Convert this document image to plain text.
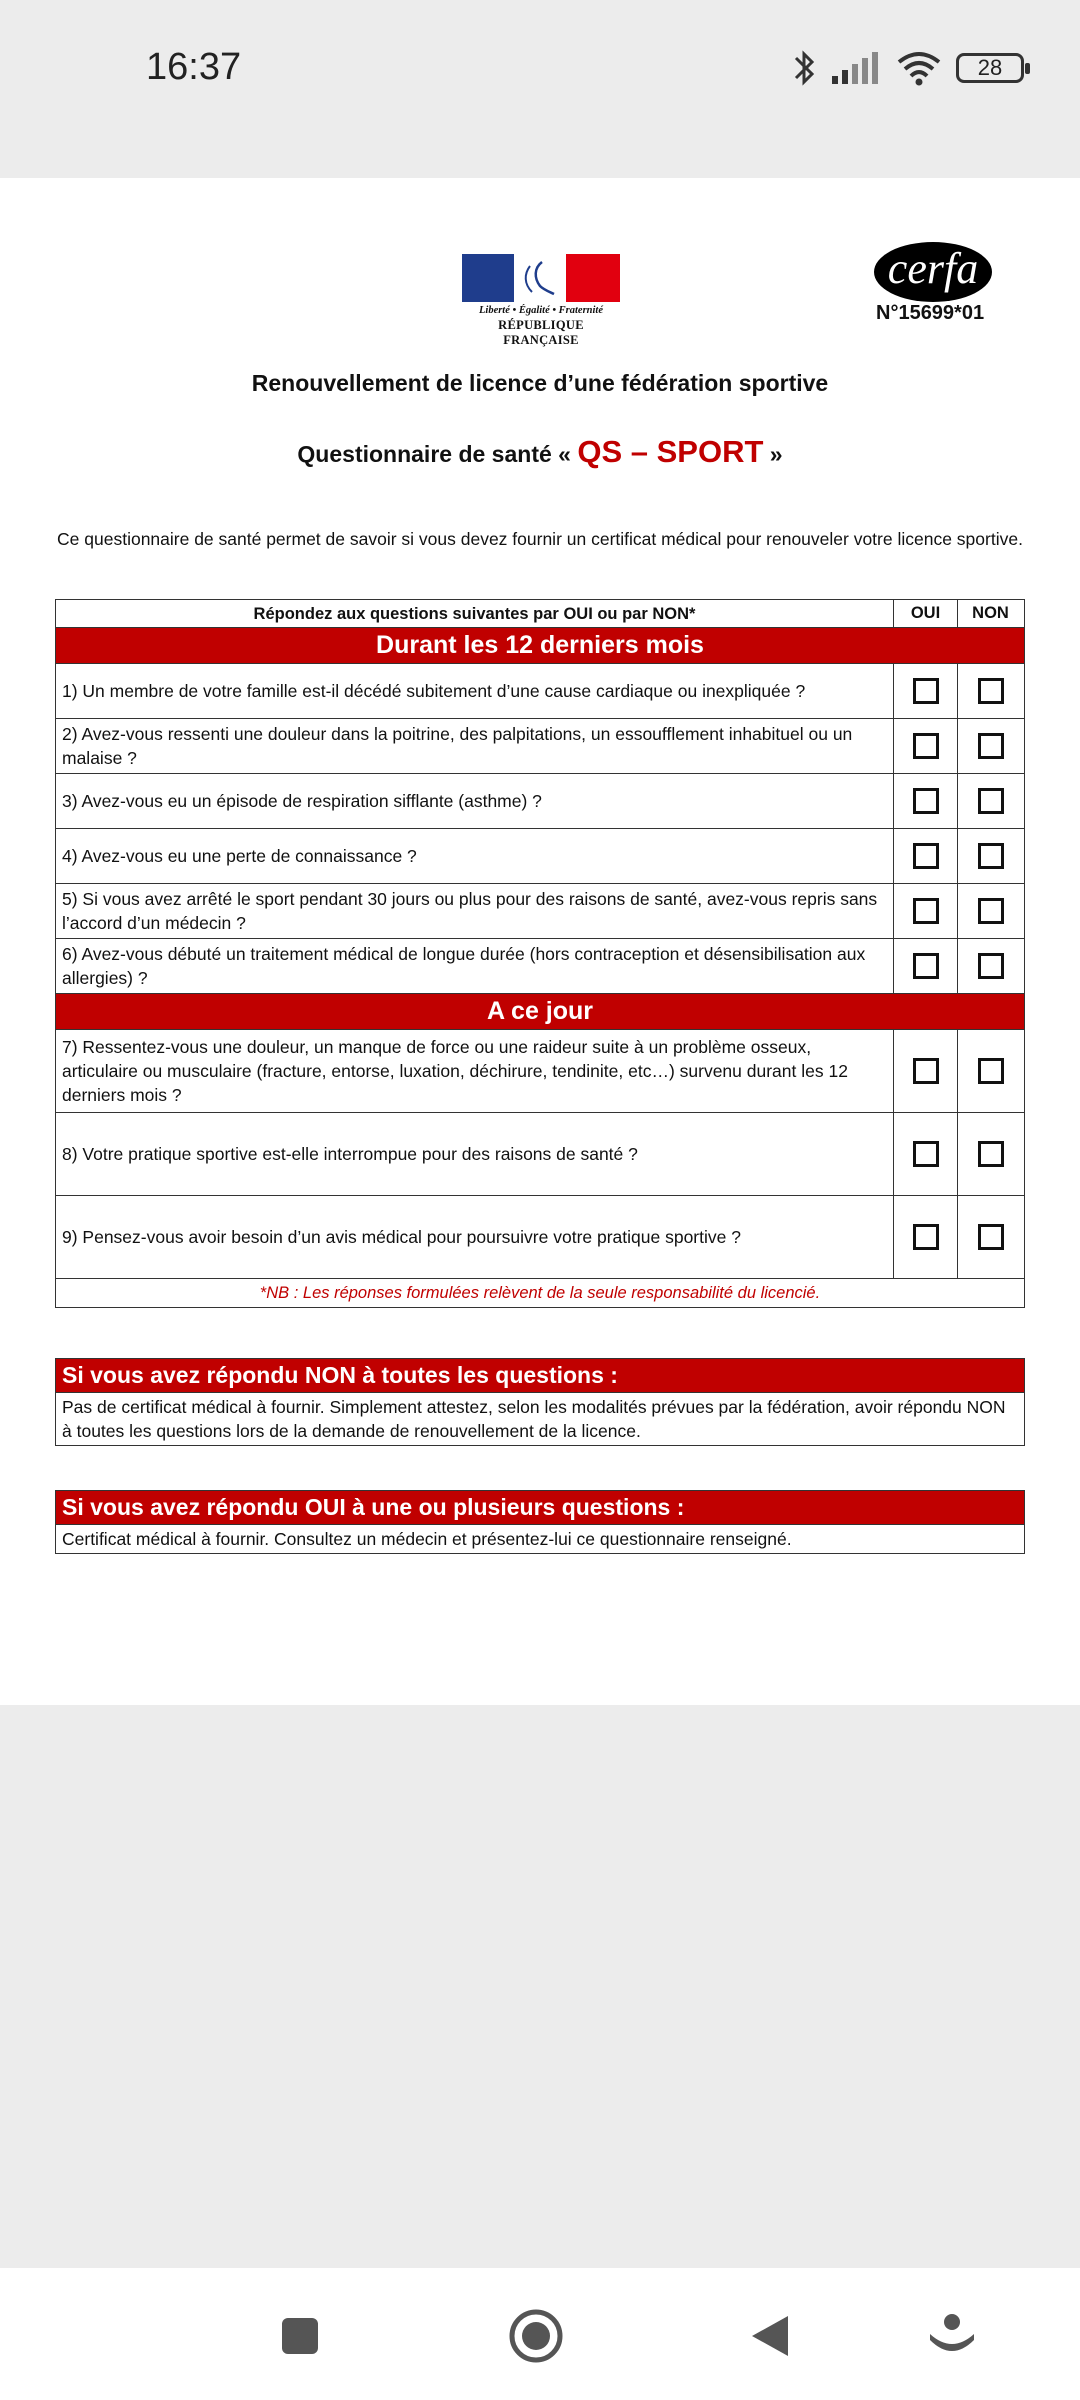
16:37	28
Liberté • Égalité • Fraternité
RÉPUBLIQUE FRANÇAISE
cerfa
N°15699*01
Renouvellement de licence d’une fédération sportive
Questionnaire de santé « QS – SPORT »
Ce questionnaire de santé permet de savoir si vous devez fournir un certificat médical pour renouveler votre licence sportive.
Répondez aux questions suivantes par OUI ou par NON*	OUI	NON
Durant les 12 derniers mois
1) Un membre de votre famille est-il décédé subitement d’une cause cardiaque ou inexpliquée ?
2) Avez-vous ressenti une douleur dans la poitrine, des palpitations, un essoufflement inhabituel ou un malaise ?
3) Avez-vous eu un épisode de respiration sifflante (asthme) ?
4) Avez-vous eu une perte de connaissance ?
5) Si vous avez arrêté le sport pendant 30 jours ou plus pour des raisons de santé, avez-vous repris sans l’accord d’un médecin ?
6) Avez-vous débuté un traitement médical de longue durée (hors contraception et désensibilisation aux allergies) ?
A ce jour
7) Ressentez-vous une douleur, un manque de force ou une raideur suite à un problème osseux, articulaire ou musculaire (fracture, entorse, luxation, déchirure, tendinite, etc…) survenu durant les 12 derniers mois ?
8) Votre pratique sportive est-elle interrompue pour des raisons de santé ?
9) Pensez-vous avoir besoin d’un avis médical pour poursuivre votre pratique sportive ?
*NB : Les réponses formulées relèvent de la seule responsabilité du licencié.
Si vous avez répondu NON à toutes les questions :
Pas de certificat médical à fournir. Simplement attestez, selon les modalités prévues par la fédération, avoir répondu NON à toutes les questions lors de la demande de renouvellement de la licence.
Si vous avez répondu OUI à une ou plusieurs questions :
Certificat médical à fournir. Consultez un médecin et présentez-lui ce questionnaire renseigné.
